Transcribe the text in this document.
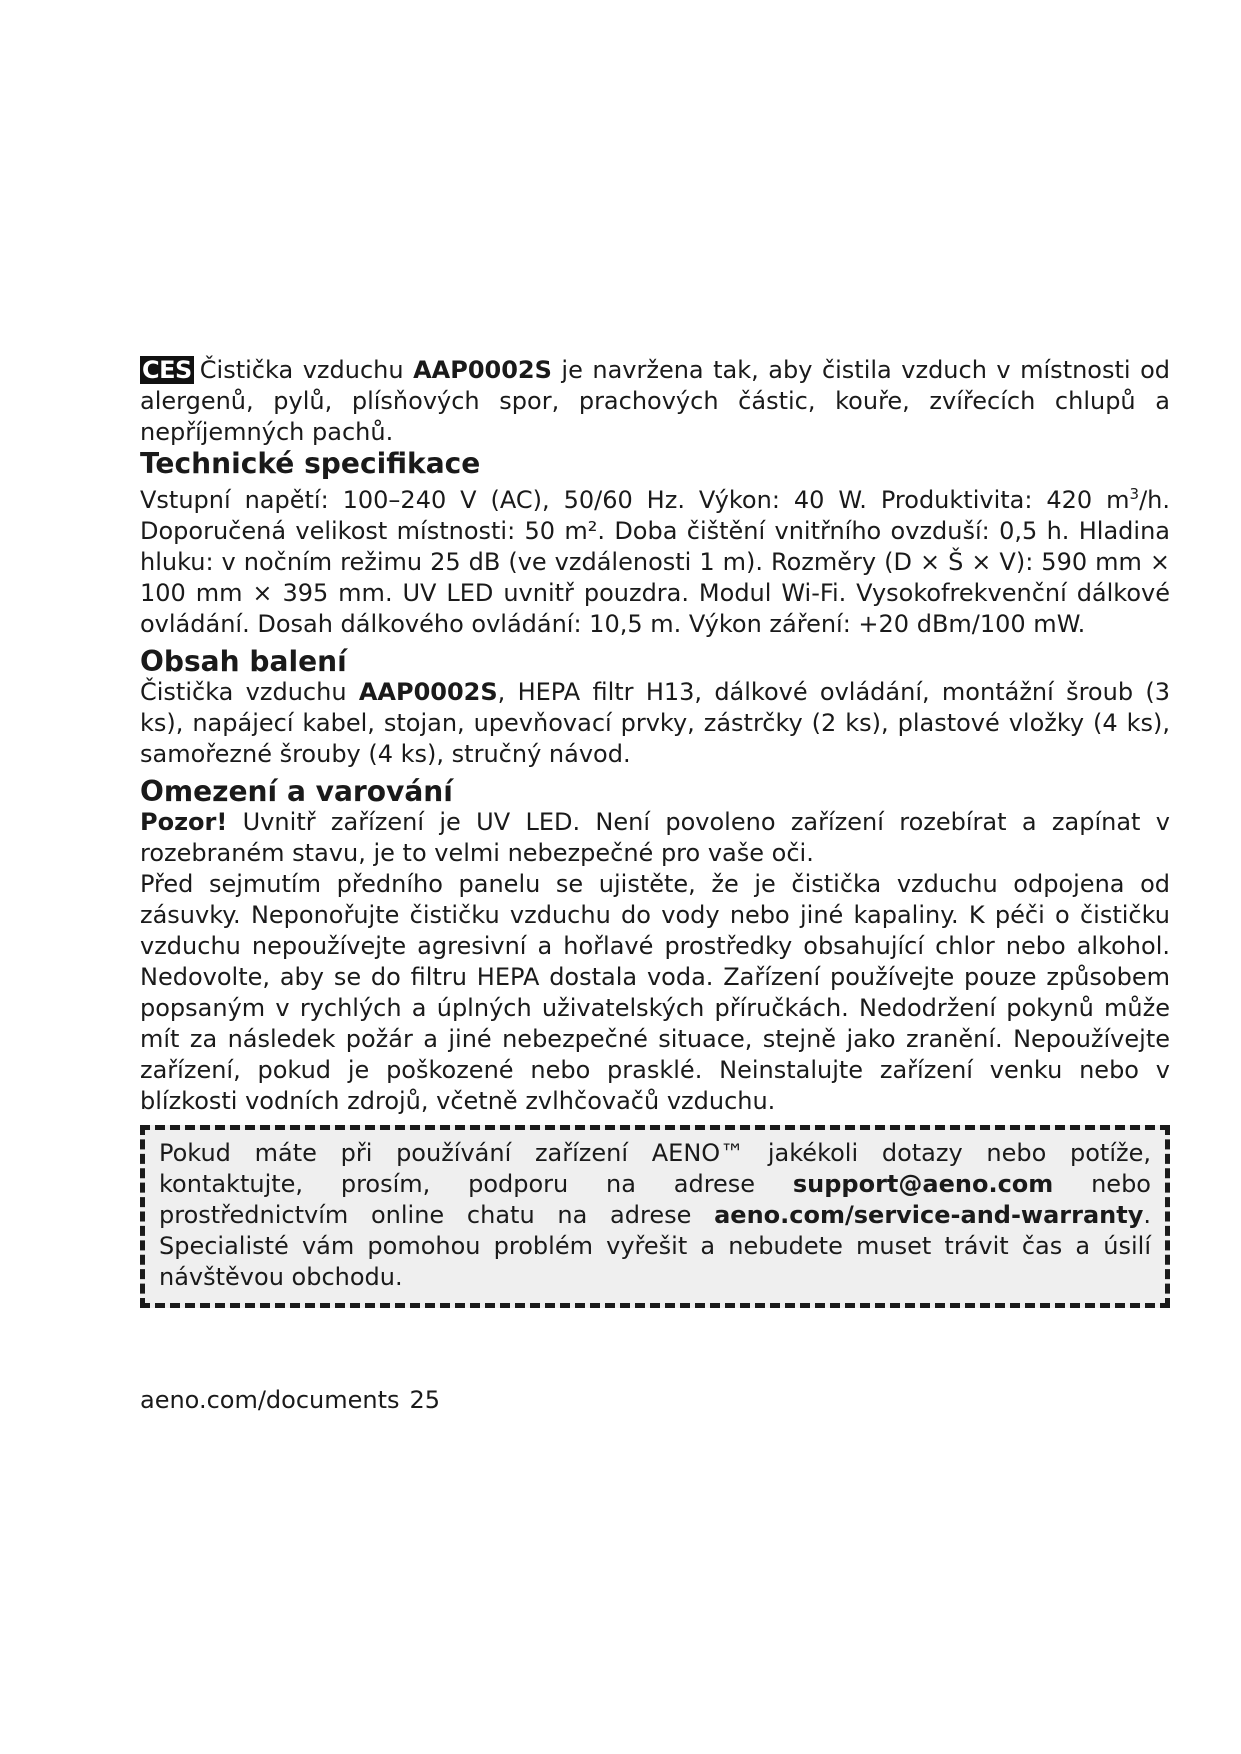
CES Čistička vzduchu AAP0002S je navržena tak, aby čistila vzduch v místnosti od alergenů, pylů, plísňových spor, prachových částic, kouře, zvířecích chlupů a nepříjemných pachů.

Technické specifikace

Vstupní napětí: 100–240 V (AC), 50/60 Hz. Výkon: 40 W. Produktivita: 420 $m^3/h$. Doporučená velikost místnosti: 50 m². Doba čištění vnitřního ovzduší: 0,5 h. Hladina hluku: v nočním režimu 25 dB (ve vzdálenosti 1 m). Rozměry (D × Š × V): 590 mm × 100 mm × 395 mm. UV LED uvnitř pouzdra. Modul Wi-Fi. Vysokofrekvenční dálkové ovládání. Dosah dálkového ovládání: 10,5 m. Výkon záření: +20 dBm/100 mW.

Obsah balení

Čistička vzduchu AAP0002S, HEPA filtr H13, dálkové ovládání, montážní šroub (3 ks), napájecí kabel, stojan, upevňovací prvky, zástrčky (2 ks), plastové vložky (4 ks), samořezné šrouby (4 ks), stručný návod.

Omezení a varování

Pozor! Uvnitř zařízení je UV LED. Není povoleno zařízení rozebírat a zapínat v rozebraném stavu, je to velmi nebezpečné pro vaše oči.

Před sejmutím předního panelu se ujistěte, že je čistička vzduchu odpojena od zásuvky. Neponořujte čističku vzduchu do vody nebo jiné kapaliny. K péči o čističku vzduchu nepoužívejte agresivní a hořlavé prostředky obsahující chlor nebo alkohol. Nedovolte, aby se do filtru HEPA dostala voda. Zařízení používejte pouze způsobem popsaným v rychlých a úplných uživatelských příručkách. Nedodržení pokynů může mít za následek požár a jiné nebezpečné situace, stejně jako zranění. Nepoužívejte zařízení, pokud je poškozené nebo prasklé. Neinstalujte zařízení venku nebo v blízkosti vodních zdrojů, včetně zvlhčovačů vzduchu.

Pokud máte při používání zařízení AENO™ jakékoli dotazy nebo potíže, kontaktujte, prosím, podporu na adrese support@aeno.com nebo prostřednictvím online chatu na adrese aeno.com/service-and-warranty. Specialisté vám pomohou problém vyřešit a nebudete muset trávit čas a úsilí návštěvou obchodu.

aeno.com/documents 25
